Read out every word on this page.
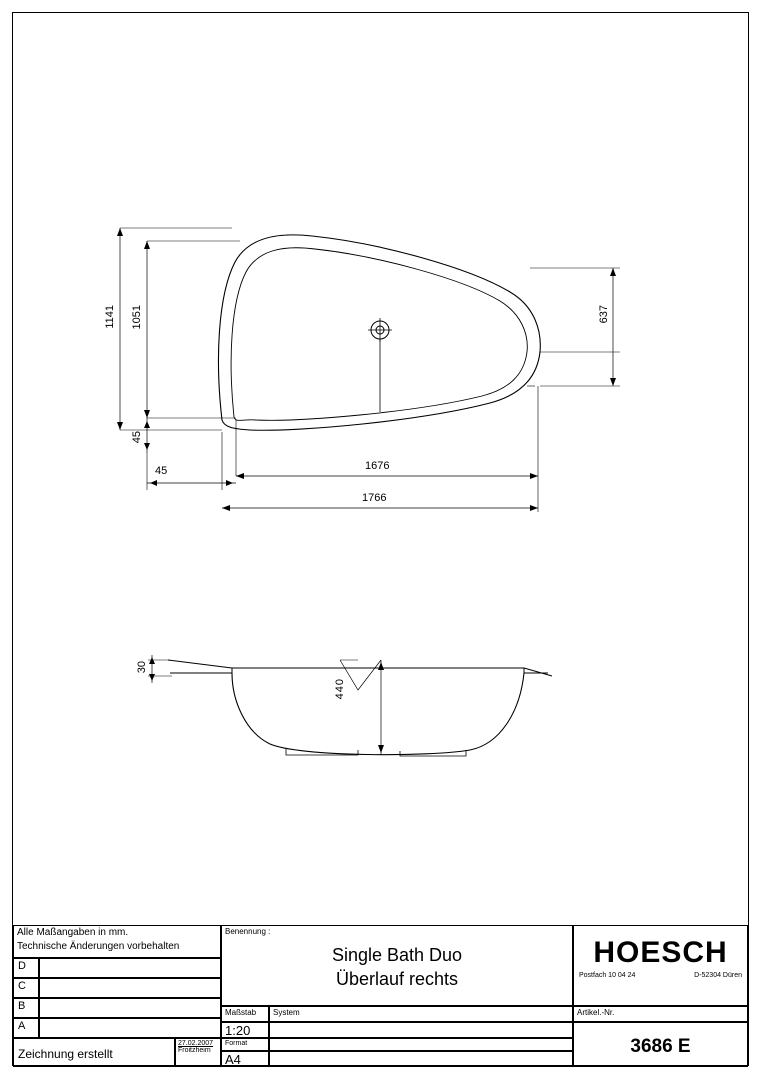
1141 1051
45
637
45	1676
1766
30
440
Alle Maßangaben in mm.
Technische Änderungen vorbehalten
D
C
B
A
Zeichnung erstellt
27.02.2007
Froitzheim
Benennung :
Single Bath Duo
Überlauf rechts
Maßstab	System
1:20
Format
A4
HOESCH
Postfach 10 04 24	D-52304 Düren
Artikel.-Nr.
3686 E
